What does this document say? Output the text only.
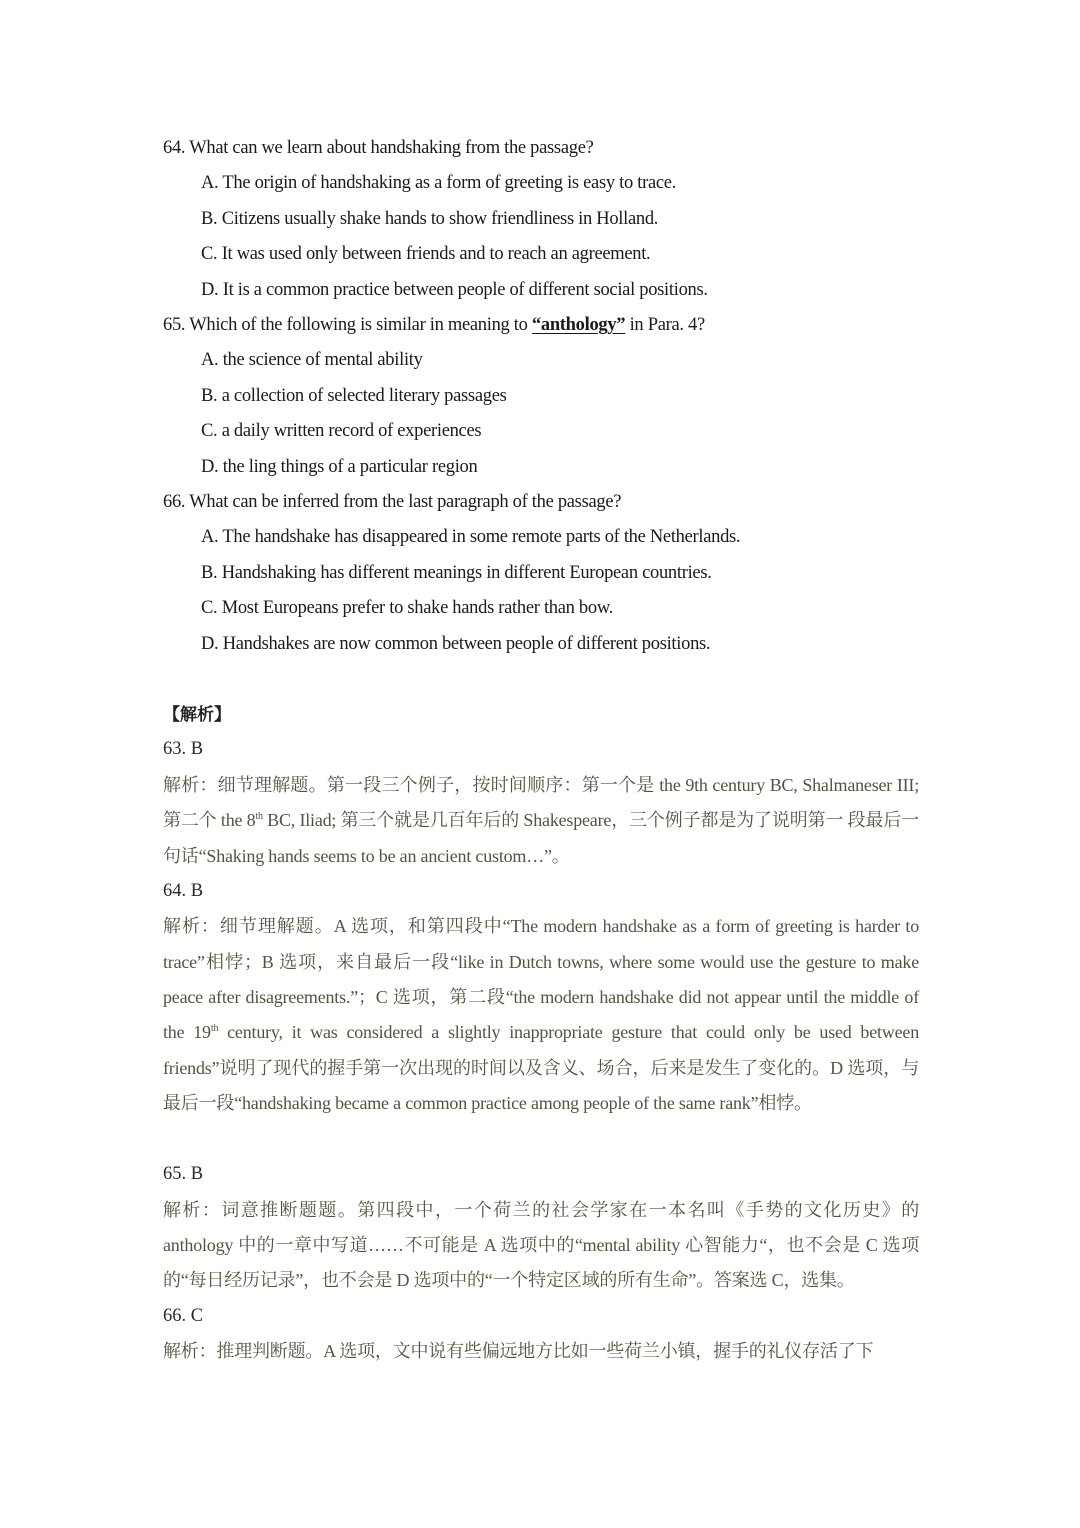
64. What can we learn about handshaking from the passage?
A. The origin of handshaking as a form of greeting is easy to trace.
B. Citizens usually shake hands to show friendliness in Holland.
C. It was used only between friends and to reach an agreement.
D. It is a common practice between people of different social positions.
65. Which of the following is similar in meaning to “anthology” in Para. 4?
A. the science of mental ability
B. a collection of selected literary passages
C. a daily written record of experiences
D. the ling things of a particular region
66. What can be inferred from the last paragraph of the passage?
A. The handshake has disappeared in some remote parts of the Netherlands.
B. Handshaking has different meanings in different European countries.
C. Most Europeans prefer to shake hands rather than bow.
D. Handshakes are now common between people of different positions.
【解析】
63. B
解析：细节理解题。第一段三个例子，按时间顺序：第一个是 the 9th century BC, Shalmaneser III;第二个 the 8th BC, Iliad; 第三个就是几百年后的 Shakespeare，三个例子都是为了说明第一 段最后一句话“Shaking hands seems to be an ancient custom…”。
64. B
解析：细节理解题。A 选项，和第四段中“The modern handshake as a form of greeting is harder to trace”相悖；B 选项，来自最后一段“like in Dutch towns, where some would use the gesture to make peace after disagreements.”；C 选项，第二段“the modern handshake did not appear until the middle of the 19th century, it was considered a slightly inappropriate gesture that could only be used between friends”说明了现代的握手第一次出现的时间以及含义、场合，后来是发生了变化的。D 选项，与最后一段“handshaking became a common practice among people of the same rank”相悖。
65. B
解析：词意推断题题。第四段中，一个荷兰的社会学家在一本名叫《手势的文化历史》的 anthology 中的一章中写道……不可能是 A 选项中的“mental ability 心智能力“，也不会是 C 选项的“每日经历记录”，也不会是 D 选项中的“一个特定区域的所有生命”。答案选 C，选集。
66. C
解析：推理判断题。A 选项，文中说有些偏远地方比如一些荷兰小镇，握手的礼仪存活了下
